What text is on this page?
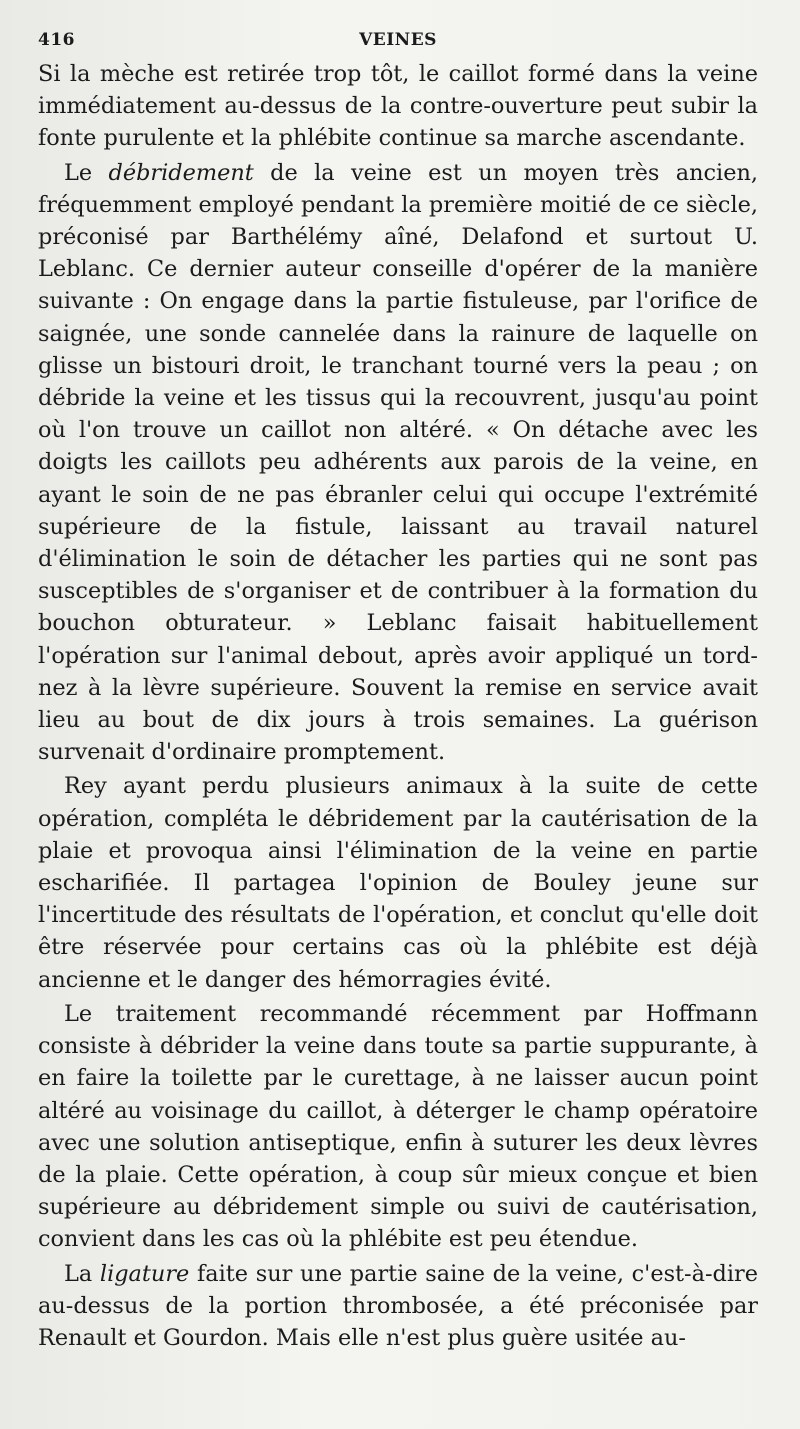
416	VEINES

Si la mèche est retirée trop tôt, le caillot formé dans la veine immédiatement au-dessus de la contre-ouverture peut subir la fonte purulente et la phlébite continue sa marche ascendante.

Le débridement de la veine est un moyen très ancien, fréquemment employé pendant la première moitié de ce siècle, préconisé par Barthélémy aîné, Delafond et surtout U. Leblanc. Ce dernier auteur conseille d'opérer de la manière suivante : On engage dans la partie fistuleuse, par l'orifice de saignée, une sonde cannelée dans la rainure de laquelle on glisse un bistouri droit, le tranchant tourné vers la peau ; on débride la veine et les tissus qui la recouvrent, jusqu'au point où l'on trouve un caillot non altéré. « On détache avec les doigts les caillots peu adhérents aux parois de la veine, en ayant le soin de ne pas ébranler celui qui occupe l'extrémité supérieure de la fistule, laissant au travail naturel d'élimination le soin de détacher les parties qui ne sont pas susceptibles de s'organiser et de contribuer à la formation du bouchon obturateur. » Leblanc faisait habituellement l'opération sur l'animal debout, après avoir appliqué un tord-nez à la lèvre supérieure. Souvent la remise en service avait lieu au bout de dix jours à trois semaines. La guérison survenait d'ordinaire promptement.

Rey ayant perdu plusieurs animaux à la suite de cette opération, compléta le débridement par la cautérisation de la plaie et provoqua ainsi l'élimination de la veine en partie escharifiée. Il partagea l'opinion de Bouley jeune sur l'incertitude des résultats de l'opération, et conclut qu'elle doit être réservée pour certains cas où la phlébite est déjà ancienne et le danger des hémorragies évité.

Le traitement recommandé récemment par Hoffmann consiste à débrider la veine dans toute sa partie suppurante, à en faire la toilette par le curettage, à ne laisser aucun point altéré au voisinage du caillot, à déterger le champ opératoire avec une solution antiseptique, enfin à suturer les deux lèvres de la plaie. Cette opération, à coup sûr mieux conçue et bien supérieure au débridement simple ou suivi de cautérisation, convient dans les cas où la phlébite est peu étendue.

La ligature faite sur une partie saine de la veine, c'est-à-dire au-dessus de la portion thrombosée, a été préconisée par Renault et Gourdon. Mais elle n'est plus guère usitée au-
